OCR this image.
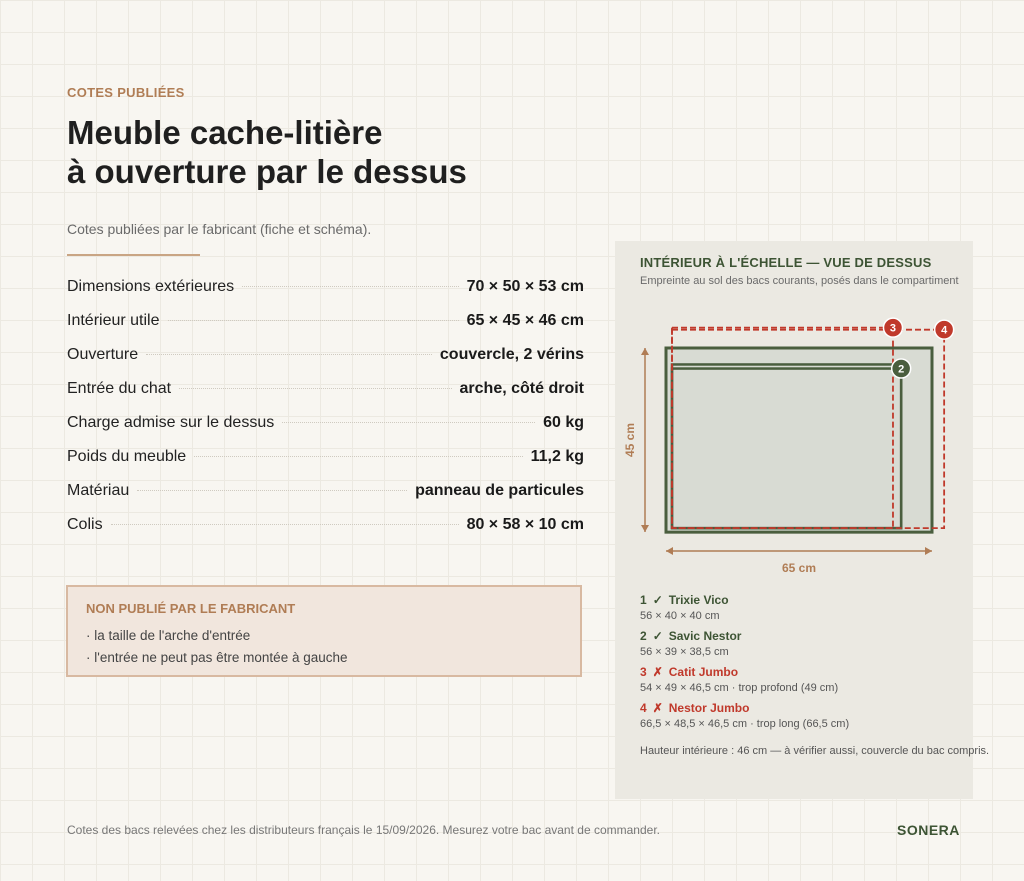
COTES PUBLIÉES
Meuble cache-litière
à ouverture par le dessus
Cotes publiées par le fabricant (fiche et schéma).
Dimensions extérieures	70 × 50 × 53 cm
Intérieur utile	65 × 45 × 46 cm
Ouverture	couvercle, 2 vérins
Entrée du chat	arche, côté droit
Charge admise sur le dessus	60 kg
Poids du meuble	11,2 kg
Matériau	panneau de particules
Colis	80 × 58 × 10 cm
NON PUBLIÉ PAR LE FABRICANT
· la taille de l'arche d'entrée
· l'entrée ne peut pas être montée à gauche
INTÉRIEUR À L'ÉCHELLE — VUE DE DESSUS
Empreinte au sol des bacs courants, posés dans le compartiment
2
3	4
65 cm
45 cm
1 ✓ Trixie Vico
56 × 40 × 40 cm
2 ✓ Savic Nestor
56 × 39 × 38,5 cm
3 ✗ Catit Jumbo
54 × 49 × 46,5 cm · trop profond (49 cm)
4 ✗ Nestor Jumbo
66,5 × 48,5 × 46,5 cm · trop long (66,5 cm)
Hauteur intérieure : 46 cm — à vérifier aussi, couvercle du bac compris.
Cotes des bacs relevées chez les distributeurs français le 15/09/2026. Mesurez votre bac avant de commander.	SONERA
